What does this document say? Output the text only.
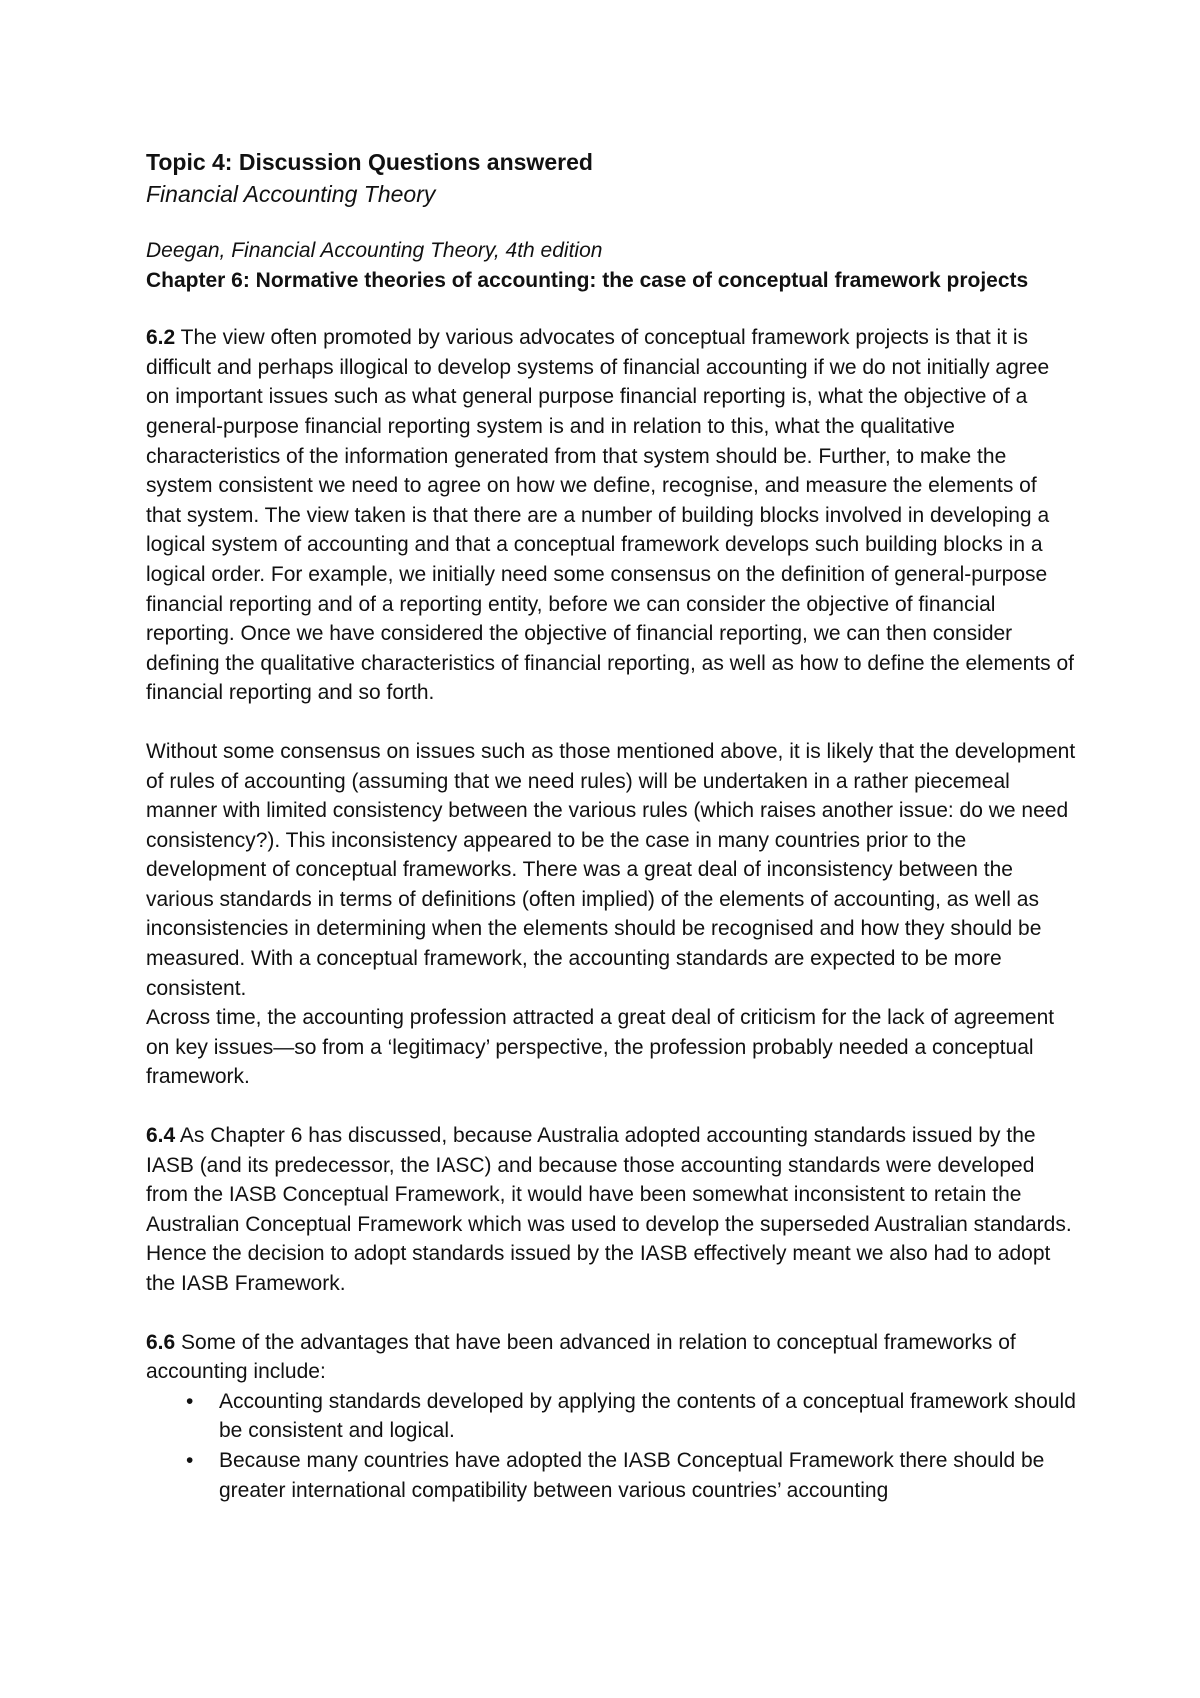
Topic 4: Discussion Questions answered

Financial Accounting Theory

Deegan, Financial Accounting Theory, 4th edition

Chapter 6: Normative theories of accounting: the case of conceptual framework projects

6.2 The view often promoted by various advocates of conceptual framework projects is that it is difficult and perhaps illogical to develop systems of financial accounting if we do not initially agree on important issues such as what general purpose financial reporting is, what the objective of a general-purpose financial reporting system is and in relation to this, what the qualitative characteristics of the information generated from that system should be. Further, to make the system consistent we need to agree on how we define, recognise, and measure the elements of that system. The view taken is that there are a number of building blocks involved in developing a logical system of accounting and that a conceptual framework develops such building blocks in a logical order. For example, we initially need some consensus on the definition of general-purpose financial reporting and of a reporting entity, before we can consider the objective of financial reporting. Once we have considered the objective of financial reporting, we can then consider defining the qualitative characteristics of financial reporting, as well as how to define the elements of financial reporting and so forth.

Without some consensus on issues such as those mentioned above, it is likely that the development of rules of accounting (assuming that we need rules) will be undertaken in a rather piecemeal manner with limited consistency between the various rules (which raises another issue: do we need consistency?). This inconsistency appeared to be the case in many countries prior to the development of conceptual frameworks. There was a great deal of inconsistency between the various standards in terms of definitions (often implied) of the elements of accounting, as well as inconsistencies in determining when the elements should be recognised and how they should be measured. With a conceptual framework, the accounting standards are expected to be more consistent.

Across time, the accounting profession attracted a great deal of criticism for the lack of agreement on key issues—so from a ‘legitimacy’ perspective, the profession probably needed a conceptual framework.

6.4 As Chapter 6 has discussed, because Australia adopted accounting standards issued by the IASB (and its predecessor, the IASC) and because those accounting standards were developed from the IASB Conceptual Framework, it would have been somewhat inconsistent to retain the Australian Conceptual Framework which was used to develop the superseded Australian standards. Hence the decision to adopt standards issued by the IASB effectively meant we also had to adopt the IASB Framework.

6.6 Some of the advantages that have been advanced in relation to conceptual frameworks of accounting include:

• Accounting standards developed by applying the contents of a conceptual framework should be consistent and logical.
• Because many countries have adopted the IASB Conceptual Framework there should be greater international compatibility between various countries’ accounting
